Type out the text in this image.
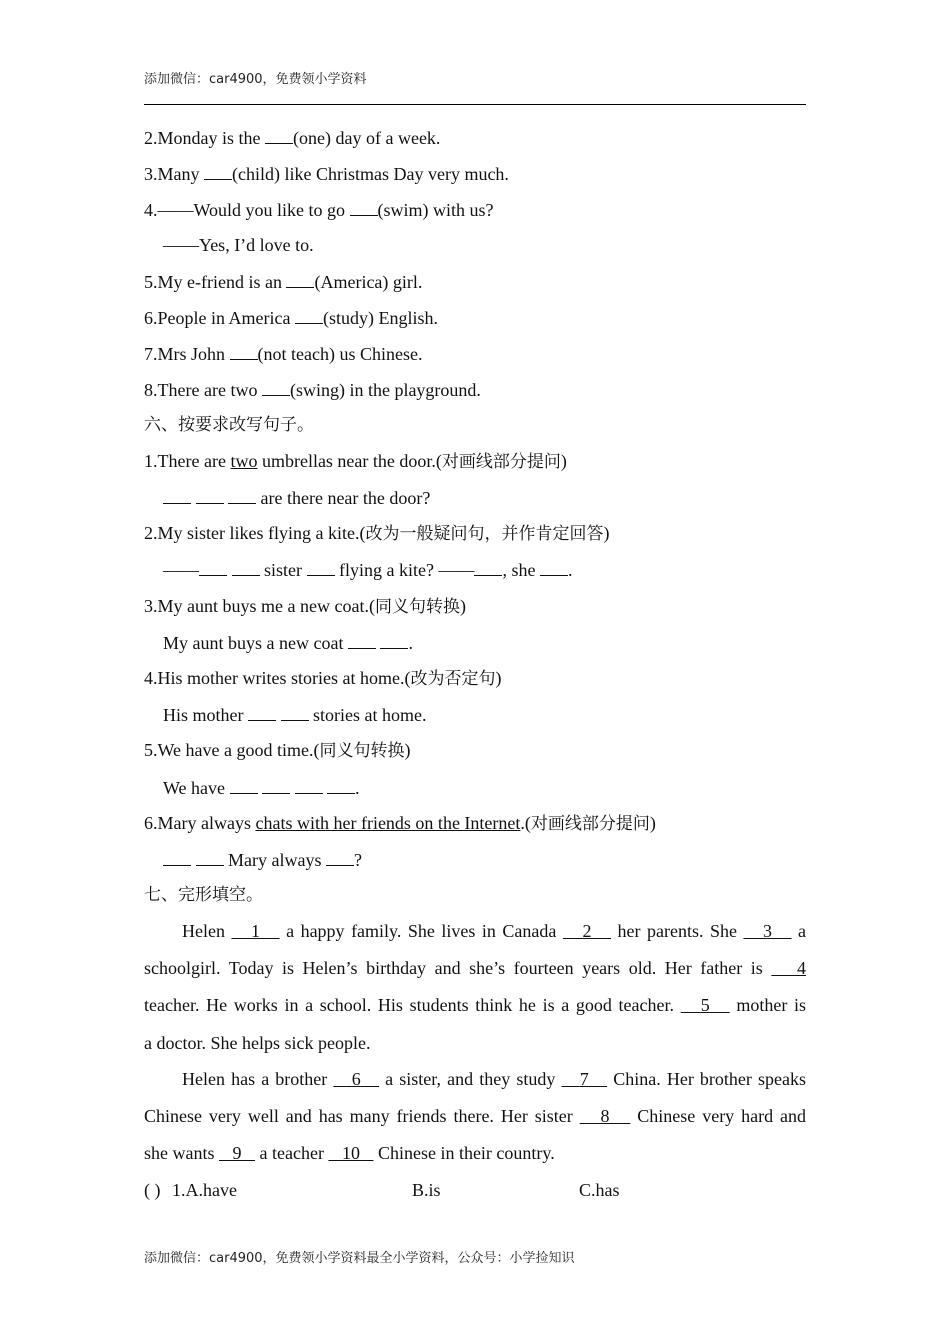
添加微信：car4900，免费领小学资料
2.Monday is the (one) day of a week.
3.Many (child) like Christmas Day very much.
4.——Would you like to go (swim) with us?
——Yes, I’d love to.
5.My e-friend is an (America) girl.
6.People in America (study) English.
7.Mrs John (not teach) us Chinese.
8.There are two (swing) in the playground.
六、按要求改写句子。
1.There are two umbrellas near the door.(对画线部分提问)
are there near the door?
2.My sister likes flying a kite.(改为一般疑问句，并作肯定回答)
——	sister  flying a kite? —— , she .
3.My aunt buys me a new coat.(同义句转换)
My aunt buys a new coat	.
4.His mother writes stories at home.(改为否定句)
His mother	stories at home.
5.We have a good time.(同义句转换)
We have	.
6.Mary always chats with her friends on the Internet.(对画线部分提问)
Mary always ?
七、完形填空。
Helen    1    a happy family. She lives in Canada    2    her parents. She    3    a
schoolgirl. Today is Helen’s birthday and she’s fourteen years old. Her father is    4
teacher. He works in a school. His students think he is a good teacher.    5    mother is
a doctor. She helps sick people.
Helen has a brother    6    a sister, and they study    7    China. Her brother speaks
Chinese very well and has many friends there. Her sister    8    Chinese very hard and
she wants    9    a teacher    10    Chinese in their country.
( ) 1.A.have	B.is	C.has
添加微信：car4900，免费领小学资料最全小学资料，公众号：小学捡知识
